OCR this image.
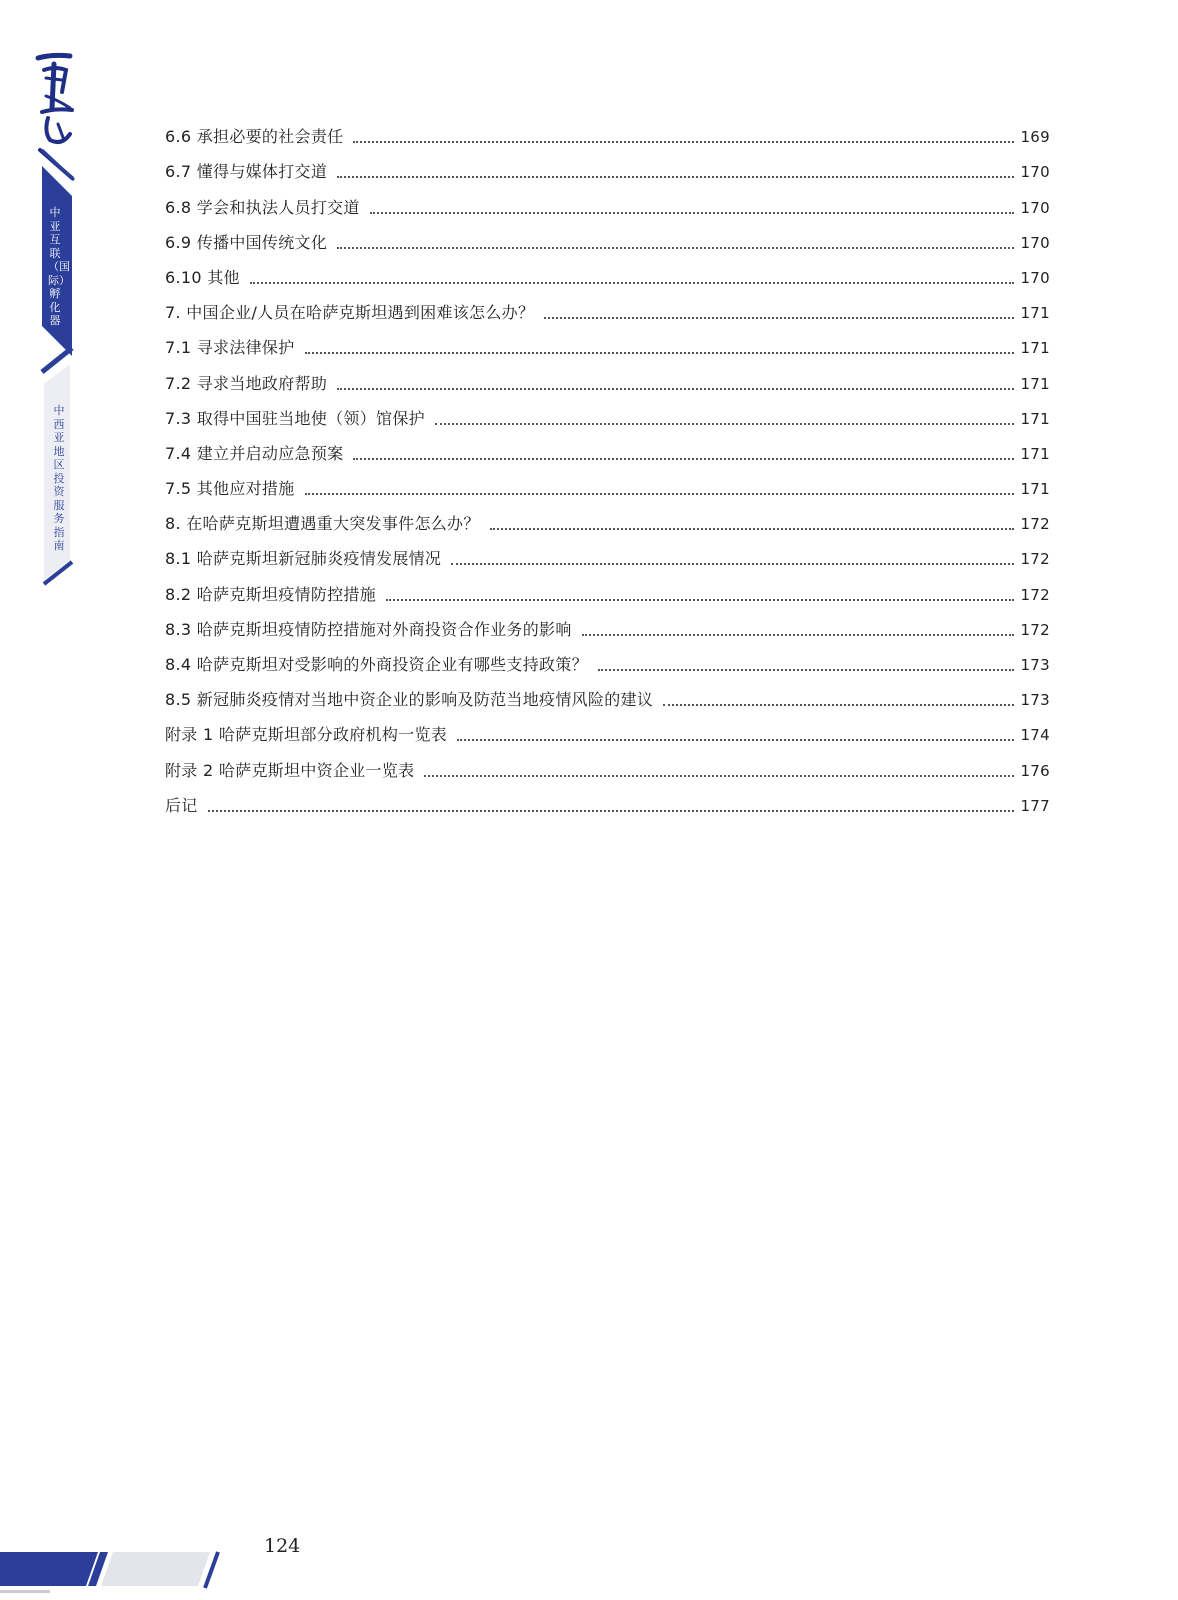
中亚互联（国际）孵化器
中西亚地区投资服务指南
6.6 承担必要的社会责任	169
6.7 懂得与媒体打交道	170
6.8 学会和执法人员打交道	170
6.9 传播中国传统文化	170
6.10 其他	170
7. 中国企业/人员在哈萨克斯坦遇到困难该怎么办？	171
7.1 寻求法律保护	171
7.2 寻求当地政府帮助	171
7.3 取得中国驻当地使（领）馆保护	171
7.4 建立并启动应急预案	171
7.5 其他应对措施	171
8. 在哈萨克斯坦遭遇重大突发事件怎么办？	172
8.1 哈萨克斯坦新冠肺炎疫情发展情况	172
8.2 哈萨克斯坦疫情防控措施	172
8.3 哈萨克斯坦疫情防控措施对外商投资合作业务的影响	172
8.4 哈萨克斯坦对受影响的外商投资企业有哪些支持政策？	173
8.5 新冠肺炎疫情对当地中资企业的影响及防范当地疫情风险的建议	173
附录 1 哈萨克斯坦部分政府机构一览表	174
附录 2 哈萨克斯坦中资企业一览表	176
后记	177
124
